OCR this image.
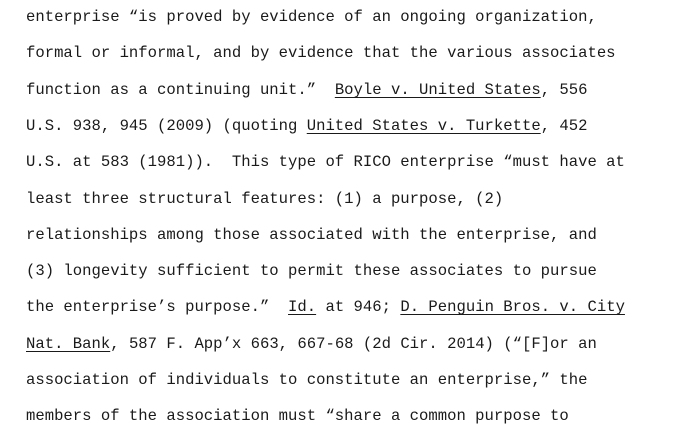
enterprise “is proved by evidence of an ongoing organization,
formal or informal, and by evidence that the various associates
function as a continuing unit.”  Boyle v. United States, 556
U.S. 938, 945 (2009) (quoting United States v. Turkette, 452
U.S. at 583 (1981)).  This type of RICO enterprise “must have at
least three structural features: (1) a purpose, (2)
relationships among those associated with the enterprise, and
(3) longevity sufficient to permit these associates to pursue
the enterprise’s purpose.”  Id. at 946; D. Penguin Bros. v. City
Nat. Bank, 587 F. App’x 663, 667-68 (2d Cir. 2014) (“[F]or an
association of individuals to constitute an enterprise,” the
members of the association must “share a common purpose to
